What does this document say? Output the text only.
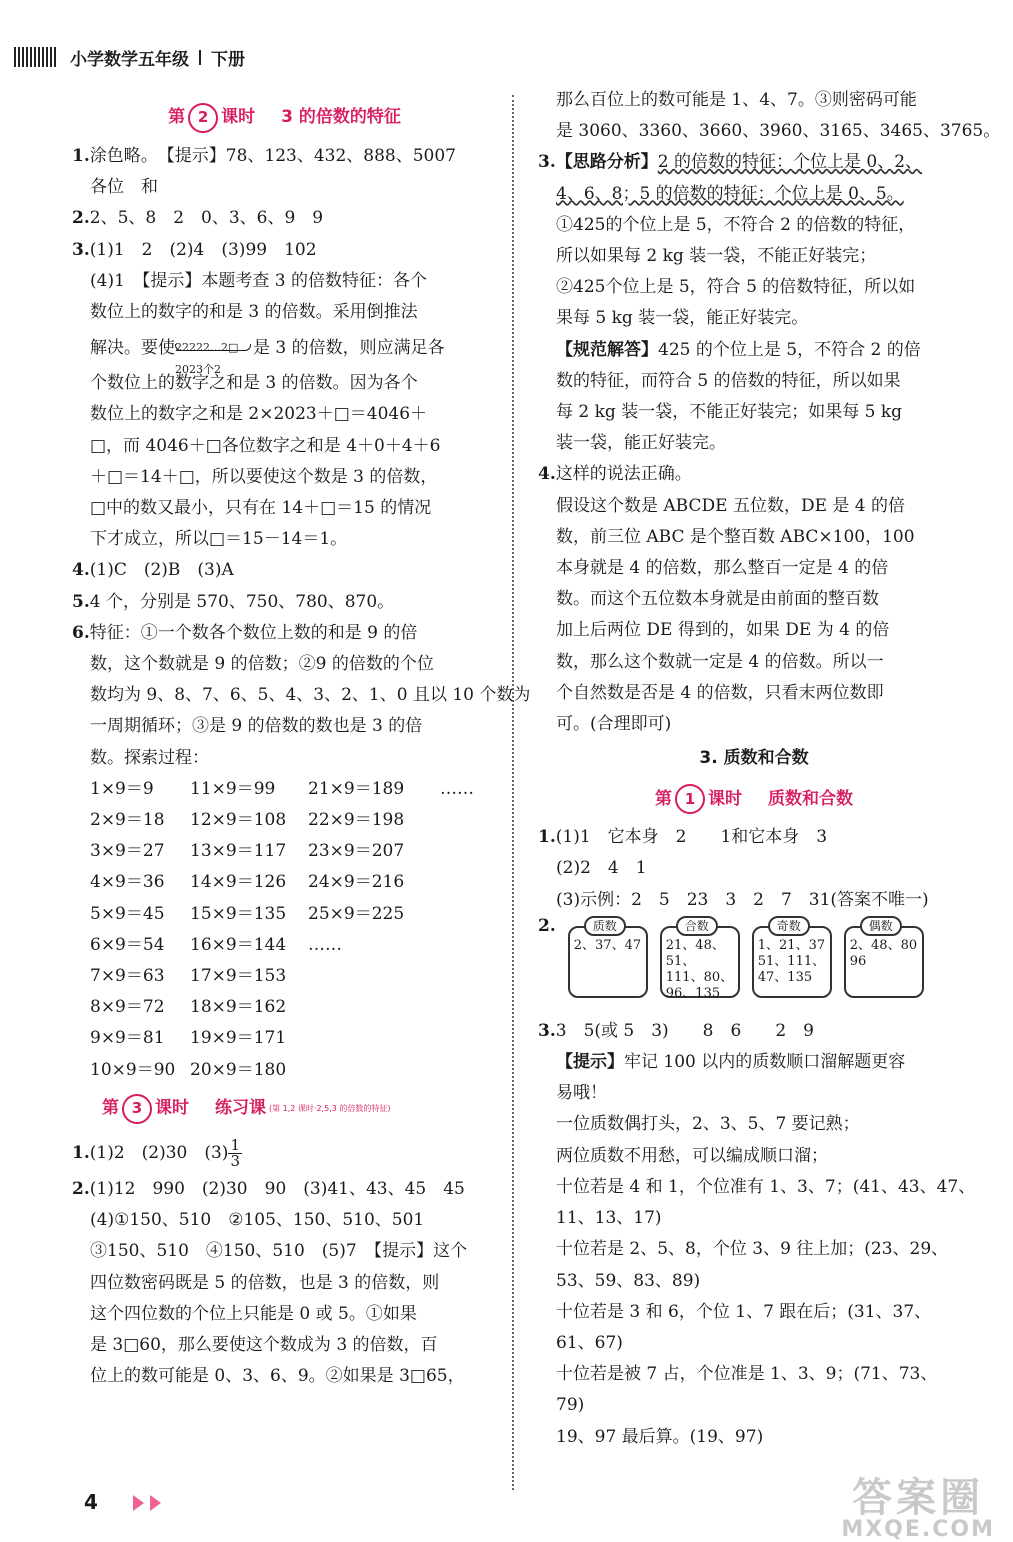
小学数学五年级 下册
第 2 课时 3 的倍数的特征
1.涂色略。　【提示】78、123、432、888、5007
各位　和
2.2、5、8　2　0、3、6、9　9
3.(1)1　2　(2)4　(3)99　102
(4)1　【提示】本题考查 3 的倍数特征：各个
数位上的数字的和是 3 的倍数。采用倒推法
解决。要使 22222…2□
2023个2
是 3 的倍数，则应满足各
个数位上的数字之和是 3 的倍数。因为各个
数位上的数字之和是 2×2023＋□＝4046＋
□，而 4046＋□各位数字之和是 4＋0＋4＋6
＋□＝14＋□，所以要使这个数是 3 的倍数，
□中的数又最小，只有在 14＋□＝15 的情况
下才成立，所以□＝15－14＝1。
4.(1)C　(2)B　(3)A
5.4 个，分别是 570、750、780、870。
6.特征：①一个数各个数位上数的和是 9 的倍
数，这个数就是 9 的倍数；②9 的倍数的个位
数均为 9、8、7、6、5、4、3、2、1、0 且以 10 个数为
一周期循环；③是 9 的倍数的数也是 3 的倍
数。探索过程：
1×9＝9	11×9＝99	21×9＝189	……
2×9＝18	12×9＝108	22×9＝198
3×9＝27	13×9＝117	23×9＝207
4×9＝36	14×9＝126	24×9＝216
5×9＝45	15×9＝135	25×9＝225
6×9＝54	16×9＝144	……
7×9＝63	17×9＝153
8×9＝72	18×9＝162
9×9＝81	19×9＝171
10×9＝90 20×9＝180
第 3 课时 练习课 (第 1,2 课时·2,5,3 的倍数的特征)
1.(1)2　(2)30　$(3) \frac{1}{3}$
2.(1)12　990　(2)30　90　(3)41、43、45　45
(4)①150、510　②105、150、510、501
③150、510　④150、510　(5)7　【提示】这个
四位数密码既是 5 的倍数，也是 3 的倍数，则
这个四位数的个位上只能是 0 或 5。①如果
是 3□60，那么要使这个数成为 3 的倍数，百
位上的数可能是 0、3、6、9。②如果是 3□65，
那么百位上的数可能是 1、4、7。③则密码可能
是 3060、3360、3660、3960、3165、3465、3765。
3.【思路分析】2 的倍数的特征：个位上是 0、2、
4、6、8；5 的倍数的特征：个位上是 0、5。
①425的个位上是 5，不符合 2 的倍数的特征，
所以如果每 2 kg 装一袋，不能正好装完；
②425个位上是 5，符合 5 的倍数特征，所以如
果每 5 kg 装一袋，能正好装完。
【规范解答】425 的个位上是 5，不符合 2 的倍
数的特征，而符合 5 的倍数的特征，所以如果
每 2 kg 装一袋，不能正好装完；如果每 5 kg
装一袋，能正好装完。
4.这样的说法正确。
假设这个数是 ABCDE 五位数，DE 是 4 的倍
数，前三位 ABC 是个整百数 ABC×100，100
本身就是 4 的倍数，那么整百一定是 4 的倍
数。而这个五位数本身就是由前面的整百数
加上后两位 DE 得到的，如果 DE 为 4 的倍
数，那么这个数就一定是 4 的倍数。所以一
个自然数是否是 4 的倍数，只看末两位数即
可。(合理即可)
3. 质数和合数
第 1 课时 质数和合数
1.(1)1　它本身　2　　1和它本身　3
(2)2　4　1
(3)示例：2　5　23　3　2　7　31(答案不唯一)
2.	质数
2、37、47
合数
21、48、51、
111、80、
96、135
奇数
1、21、37
51、111、
47、135
偶数
2、48、80
96
3.3　5(或 5　3)　　8　6　　2　9
【提示】牢记 100 以内的质数顺口溜解题更容
易哦！
一位质数偶打头，2、3、5、7 要记熟；
两位质数不用愁，可以编成顺口溜；
十位若是 4 和 1，个位准有 1、3、7；(41、43、47、
11、13、17)
十位若是 2、5、8，个位 3、9 往上加；(23、29、
53、59、83、89)
十位若是 3 和 6，个位 1、7 跟在后；(31、37、
61、67)
十位若是被 7 占，个位准是 1、3、9；(71、73、
79)
19、97 最后算。(19、97)
4	答案圈
MXQE.COM
